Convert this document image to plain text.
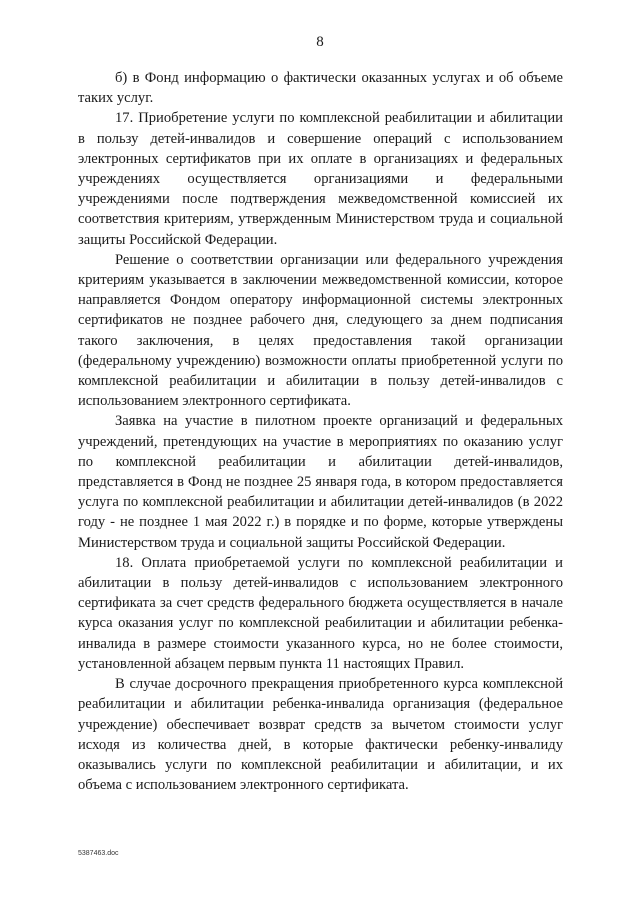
8

б) в Фонд информацию о фактически оказанных услугах и об объеме таких услуг.

17. Приобретение услуги по комплексной реабилитации и абилитации в пользу детей-инвалидов и совершение операций с использованием электронных сертификатов при их оплате в организациях и федеральных учреждениях осуществляется организациями и федеральными учреждениями после подтверждения межведомственной комиссией их соответствия критериям, утвержденным Министерством труда и социальной защиты Российской Федерации.

Решение о соответствии организации или федерального учреждения критериям указывается в заключении межведомственной комиссии, которое направляется Фондом оператору информационной системы электронных сертификатов не позднее рабочего дня, следующего за днем подписания такого заключения, в целях предоставления такой организации (федеральному учреждению) возможности оплаты приобретенной услуги по комплексной реабилитации и абилитации в пользу детей-инвалидов с использованием электронного сертификата.

Заявка на участие в пилотном проекте организаций и федеральных учреждений, претендующих на участие в мероприятиях по оказанию услуг по комплексной реабилитации и абилитации детей-инвалидов, представляется в Фонд не позднее 25 января года, в котором предоставляется услуга по комплексной реабилитации и абилитации детей-инвалидов (в 2022 году - не позднее 1 мая 2022 г.) в порядке и по форме, которые утверждены Министерством труда и социальной защиты Российской Федерации.

18. Оплата приобретаемой услуги по комплексной реабилитации и абилитации в пользу детей-инвалидов с использованием электронного сертификата за счет средств федерального бюджета осуществляется в начале курса оказания услуг по комплексной реабилитации и абилитации ребенка-инвалида в размере стоимости указанного курса, но не более стоимости, установленной абзацем первым пункта 11 настоящих Правил.

В случае досрочного прекращения приобретенного курса комплексной реабилитации и абилитации ребенка-инвалида организация (федеральное учреждение) обеспечивает возврат средств за вычетом стоимости услуг исходя из количества дней, в которые фактически ребенку-инвалиду оказывались услуги по комплексной реабилитации и абилитации, и их объема с использованием электронного сертификата.

5387463.doc
